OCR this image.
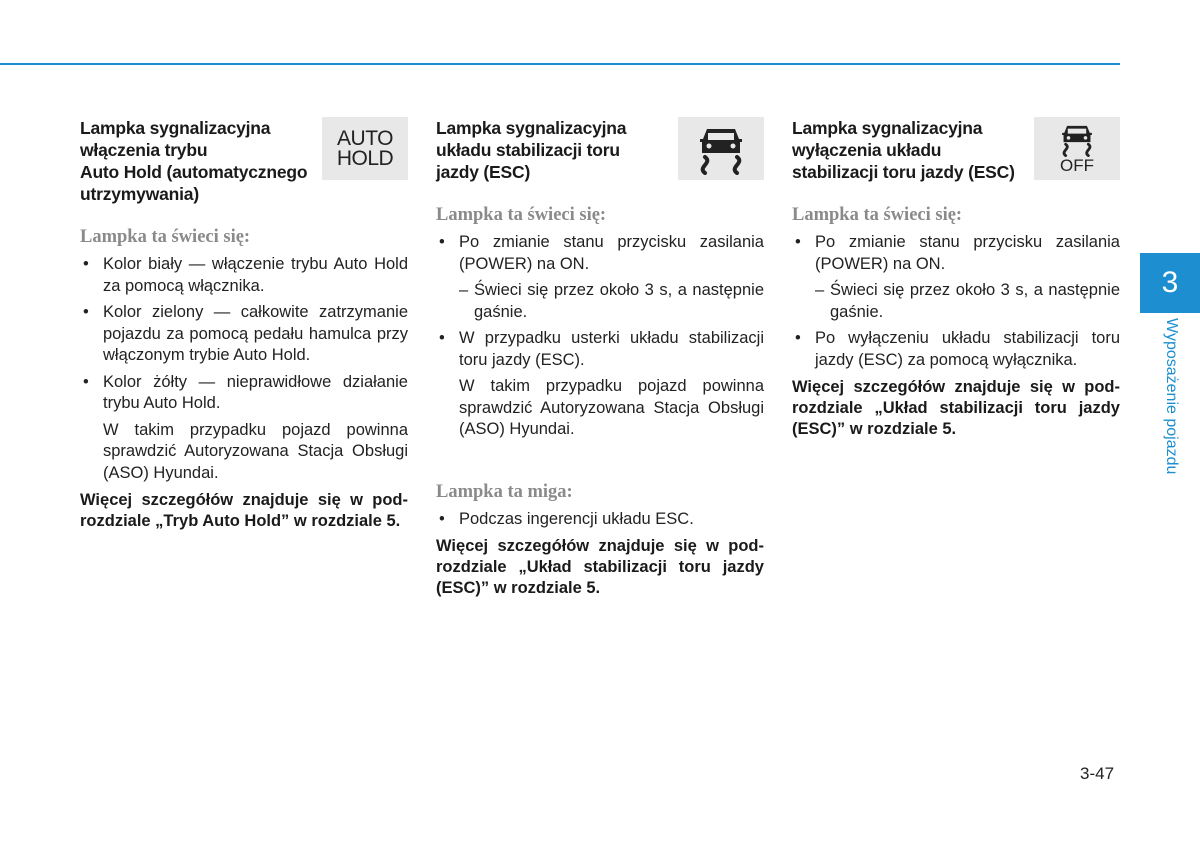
Lampka sygnalizacyjna
włączenia trybu
Auto Hold (automatycznego
utrzymywania)
AUTO
HOLD
Lampka ta świeci się:
• Kolor biały — włączenie trybu Auto Hold za pomocą włącznika.
• Kolor zielony — całkowite zatrzymanie pojazdu za pomocą pedału hamulca przy włączonym trybie Auto Hold.
• Kolor żółty — nieprawidłowe działanie trybu Auto Hold.
W takim przypadku pojazd powinna sprawdzić Autoryzowana Stacja Obsługi (ASO) Hyundai.
Więcej szczegółów znajduje się w podrozdziale „Tryb Auto Hold” w rozdziale 5.
Lampka sygnalizacyjna
układu stabilizacji toru
jazdy (ESC)
Lampka ta świeci się:
• Po zmianie stanu przycisku zasilania (POWER) na ON.
– Świeci się przez około 3 s, a następnie gaśnie.
• W przypadku usterki układu stabilizacji toru jazdy (ESC).
W takim przypadku pojazd powinna sprawdzić Autoryzowana Stacja Obsługi (ASO) Hyundai.
Lampka ta miga:
• Podczas ingerencji układu ESC.
Więcej szczegółów znajduje się w podrozdziale „Układ stabilizacji toru jazdy (ESC)” w rozdziale 5.
Lampka sygnalizacyjna
wyłączenia układu
stabilizacji toru jazdy (ESC)	OFF
Lampka ta świeci się:
• Po zmianie stanu przycisku zasilania (POWER) na ON.
– Świeci się przez około 3 s, a następnie gaśnie.
• Po wyłączeniu układu stabilizacji toru jazdy (ESC) za pomocą wyłącznika.
Więcej szczegółów znajduje się w podrozdziale „Układ stabilizacji toru jazdy (ESC)” w rozdziale 5.
3
Wyposażenie pojazdu
3-47
